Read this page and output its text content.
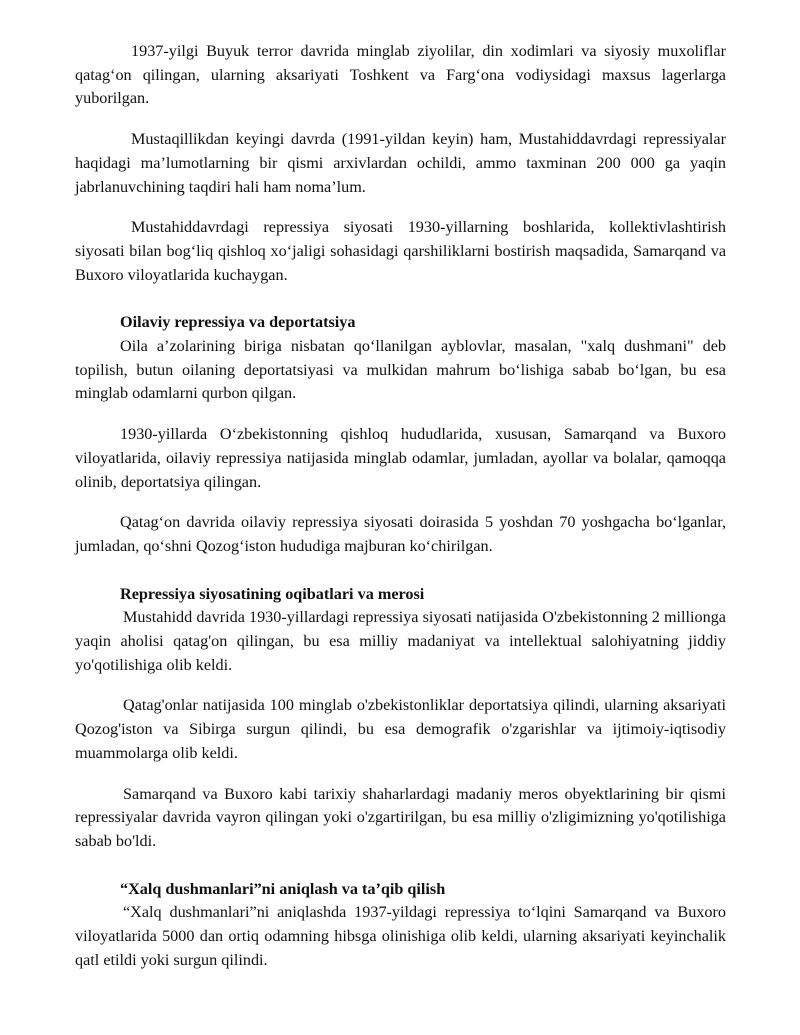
1937-yilgi Buyuk terror davrida minglab ziyolilar, din xodimlari va siyosiy muxoliflar qatag‘on qilingan, ularning aksariyati Toshkent va Farg‘ona vodiysidagi maxsus lagerlarga yuborilgan.

Mustaqillikdan keyingi davrda (1991-yildan keyin) ham, Mustahiddavrdagi repressiyalar haqidagi ma’lumotlarning bir qismi arxivlardan ochildi, ammo taxminan 200 000 ga yaqin jabrlanuvchining taqdiri hali ham noma’lum.

Mustahiddavrdagi repressiya siyosati 1930-yillarning boshlarida, kollektivlashtirish siyosati bilan bog‘liq qishloq xo‘jaligi sohasidagi qarshiliklarni bostirish maqsadida, Samarqand va Buxoro viloyatlarida kuchaygan.

Oilaviy repressiya va deportatsiya

Oila a’zolarining biriga nisbatan qo‘llanilgan ayblovlar, masalan, "xalq dushmani" deb topilish, butun oilaning deportatsiyasi va mulkidan mahrum bo‘lishiga sabab bo‘lgan, bu esa minglab odamlarni qurbon qilgan.

1930-yillarda O‘zbekistonning qishloq hududlarida, xususan, Samarqand va Buxoro viloyatlarida, oilaviy repressiya natijasida minglab odamlar, jumladan, ayollar va bolalar, qamoqqa olinib, deportatsiya qilingan.

Qatag‘on davrida oilaviy repressiya siyosati doirasida 5 yoshdan 70 yoshgacha bo‘lganlar, jumladan, qo‘shni Qozog‘iston hududiga majburan ko‘chirilgan.

Repressiya siyosatining oqibatlari va merosi

Mustahidd davrida 1930-yillardagi repressiya siyosati natijasida O'zbekistonning 2 millionga yaqin aholisi qatag'on qilingan, bu esa milliy madaniyat va intellektual salohiyatning jiddiy yo'qotilishiga olib keldi.

Qatag'onlar natijasida 100 minglab o'zbekistonliklar deportatsiya qilindi, ularning aksariyati Qozog'iston va Sibirga surgun qilindi, bu esa demografik o'zgarishlar va ijtimoiy-iqtisodiy muammolarga olib keldi.

Samarqand va Buxoro kabi tarixiy shaharlardagi madaniy meros obyektlarining bir qismi repressiyalar davrida vayron qilingan yoki o'zgartirilgan, bu esa milliy o'zligimizning yo'qotilishiga sabab bo'ldi.

“Xalq dushmanlari”ni aniqlash va ta’qib qilish

“Xalq dushmanlari”ni aniqlashda 1937-yildagi repressiya to‘lqini Samarqand va Buxoro viloyatlarida 5000 dan ortiq odamning hibsga olinishiga olib keldi, ularning aksariyati keyinchalik qatl etildi yoki surgun qilindi.
